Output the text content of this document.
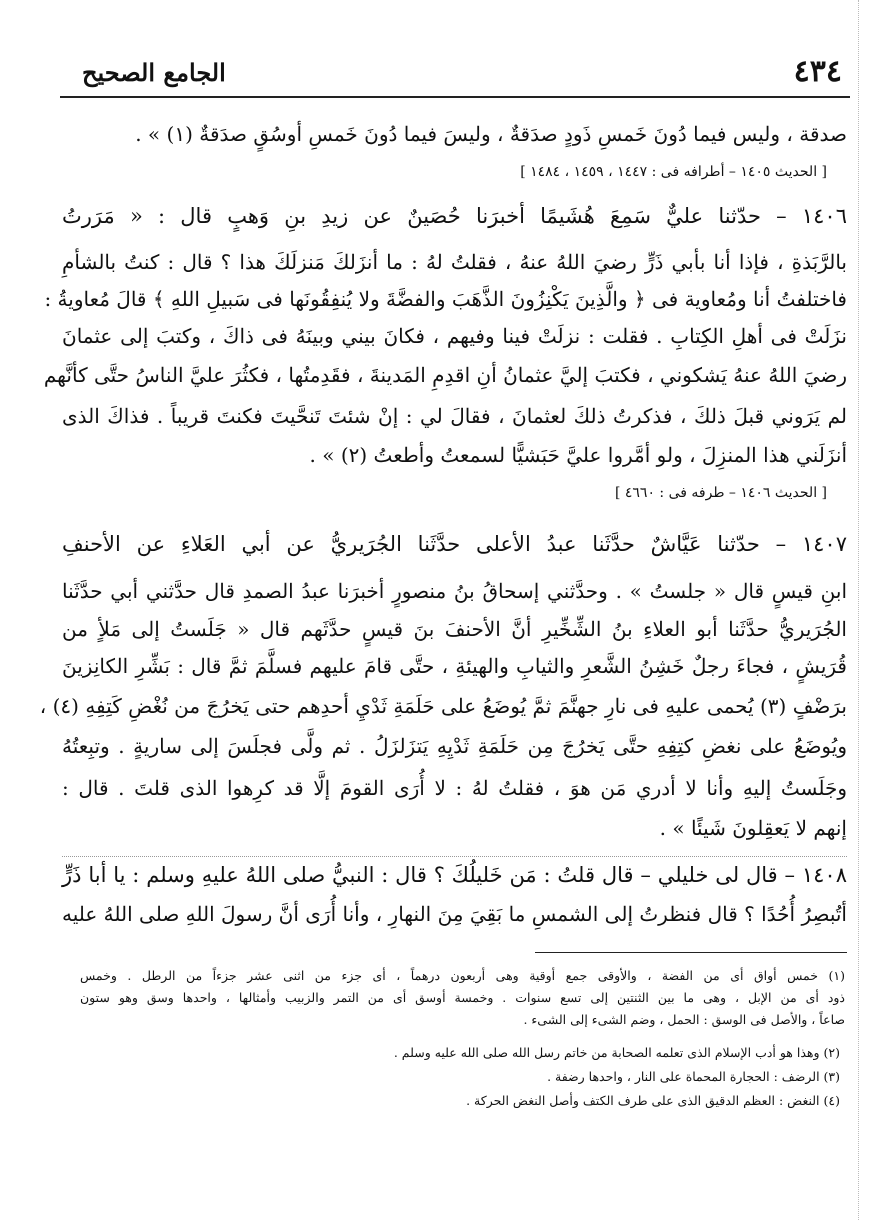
٤٣٤
الجامع الصحيح
صدقة ، وليس فيما دُونَ خَمسِ ذَودٍ صدَقةٌ ، وليسَ فيما دُونَ خَمسِ أوسُقٍ صدَقةٌ (١) » .
[ الحديث ١٤٠٥ – أطرافه فى : ١٤٤٧ ، ١٤٥٩ ، ١٤٨٤ ]
١٤٠٦ – حدّثنا عليٌّ سَمِعَ هُشَيمًا أخبرَنا حُصَينٌ عن زيدِ بنِ وَهبٍ قال : « مَرَرتُ
بالرَّبَذةِ ، فإذا أنا بأبي ذَرٍّ رضيَ اللهُ عنهُ ، فقلتُ لهُ : ما أنزَلكَ مَنزلَكَ هذا ؟ قال : كنتُ بالشأمِ
فاختلفتُ أنا ومُعاوية فى ﴿ والَّذِينَ يَكْنِزُونَ الذَّهَبَ والفضَّةَ ولا يُنفِقُونَها فى سَبيلِ اللهِ ﴾ قالَ مُعاويةُ :
نزَلَتْ فى أهلِ الكِتابِ . فقلت : نزلَتْ فينا وفيهم ، فكانَ بيني وبينَهُ فى ذاكَ ، وكتبَ إلى عثمانَ
رضيَ اللهُ عنهُ يَشكوني ، فكتبَ إليَّ عثمانُ أنِ اقدِمِ المَدينةَ ، فقَدِمتُها ، فكثُرَ عليَّ الناسُ حتَّى كأنَّهم
لم يَرَوني قبلَ ذلكَ ، فذكرتُ ذلكَ لعثمانَ ، فقالَ لي : إنْ شئتَ تَنحَّيتَ فكنتَ قريباً . فذاكَ الذى
أنزَلَني هذا المنزِلَ ، ولو أمَّروا عليَّ حَبَشيًّا لسمعتُ وأطعتُ (٢) » .
[ الحديث ١٤٠٦ – طرفه فى : ٤٦٦٠ ]
١٤٠٧ – حدّثنا عَيَّاشٌ حدَّثَنا عبدُ الأعلى حدَّثَنا الجُرَيريُّ عن أبي العَلاءِ عن الأحنفِ
ابنِ قيسٍ قال « جلستُ » . وحدَّثني إسحاقُ بنُ منصورٍ أخبرَنا عبدُ الصمدِ قال حدَّثني أبي حدَّثَنا
الجُرَيريُّ حدَّثَنا أبو العلاءِ بنُ الشِّخِّيرِ أنَّ الأحنفَ بنَ قيسٍ حدَّثَهم قال « جَلَستُ إلى مَلأٍ من
قُرَيشٍ ، فجاءَ رجلٌ خَشِنُ الشَّعرِ والثيابِ والهيئةِ ، حتَّى قامَ عليهم فسلَّمَ ثمَّ قال : بَشِّرِ الكانِزينَ
برَضْفٍ (٣) يُحمى عليهِ فى نارِ جهنَّمَ ثمَّ يُوضَعُ على حَلَمَةِ ثَدْيِ أحدِهم حتى يَخرُجَ من نُغْضِ كَتِفِهِ (٤) ،
ويُوضَعُ على نغضِ كتِفِهِ حتَّى يَخرُجَ مِن حَلَمَةِ ثَدْيِهِ يَتزَلزَلُ . ثم ولَّى فجلَسَ إلى ساريةٍ . وتبِعتُهُ
وجَلَستُ إليهِ وأنا لا أدري مَن هوَ ، فقلتُ لهُ : لا أُرَى القومَ إلَّا قد كرِهوا الذى قلتَ . قال :
إنهم لا يَعقِلونَ شَيئًا » .
١٤٠٨ – قال لى خليلي – قال قلتُ : مَن خَليلُكَ ؟ قال : النبيُّ صلى اللهُ عليهِ وسلم : يا أبا ذَرٍّ
أتُبصِرُ أُحُدًا ؟ قال فنظرتُ إلى الشمسِ ما بَقِيَ مِنَ النهارِ ، وأنا أُرَى أنَّ رسولَ اللهِ صلى اللهُ عليه
(١) خمس أواق أى من الفضة ، والأوقى جمع أوقية وهى أربعون درهماً ، أى جزء من اثنى عشر جزءاً من الرطل . وخمس
ذود أى من الإبل ، وهى ما بين الثنتين إلى تسع سنوات . وخمسة أوسق أى من التمر والزبيب وأمثالها ، واحدها وسق وهو ستون
صاعاً ، والأصل فى الوسق : الحمل ، وضم الشىء إلى الشىء .
(٢) وهذا هو أدب الإسلام الذى تعلمه الصحابة من خاتم رسل الله صلى الله عليه وسلم .
(٣) الرضف : الحجارة المحماة على النار ، واحدها رضفة .
(٤) النغض : العظم الدقيق الذى على طرف الكتف وأصل النغض الحركة .
